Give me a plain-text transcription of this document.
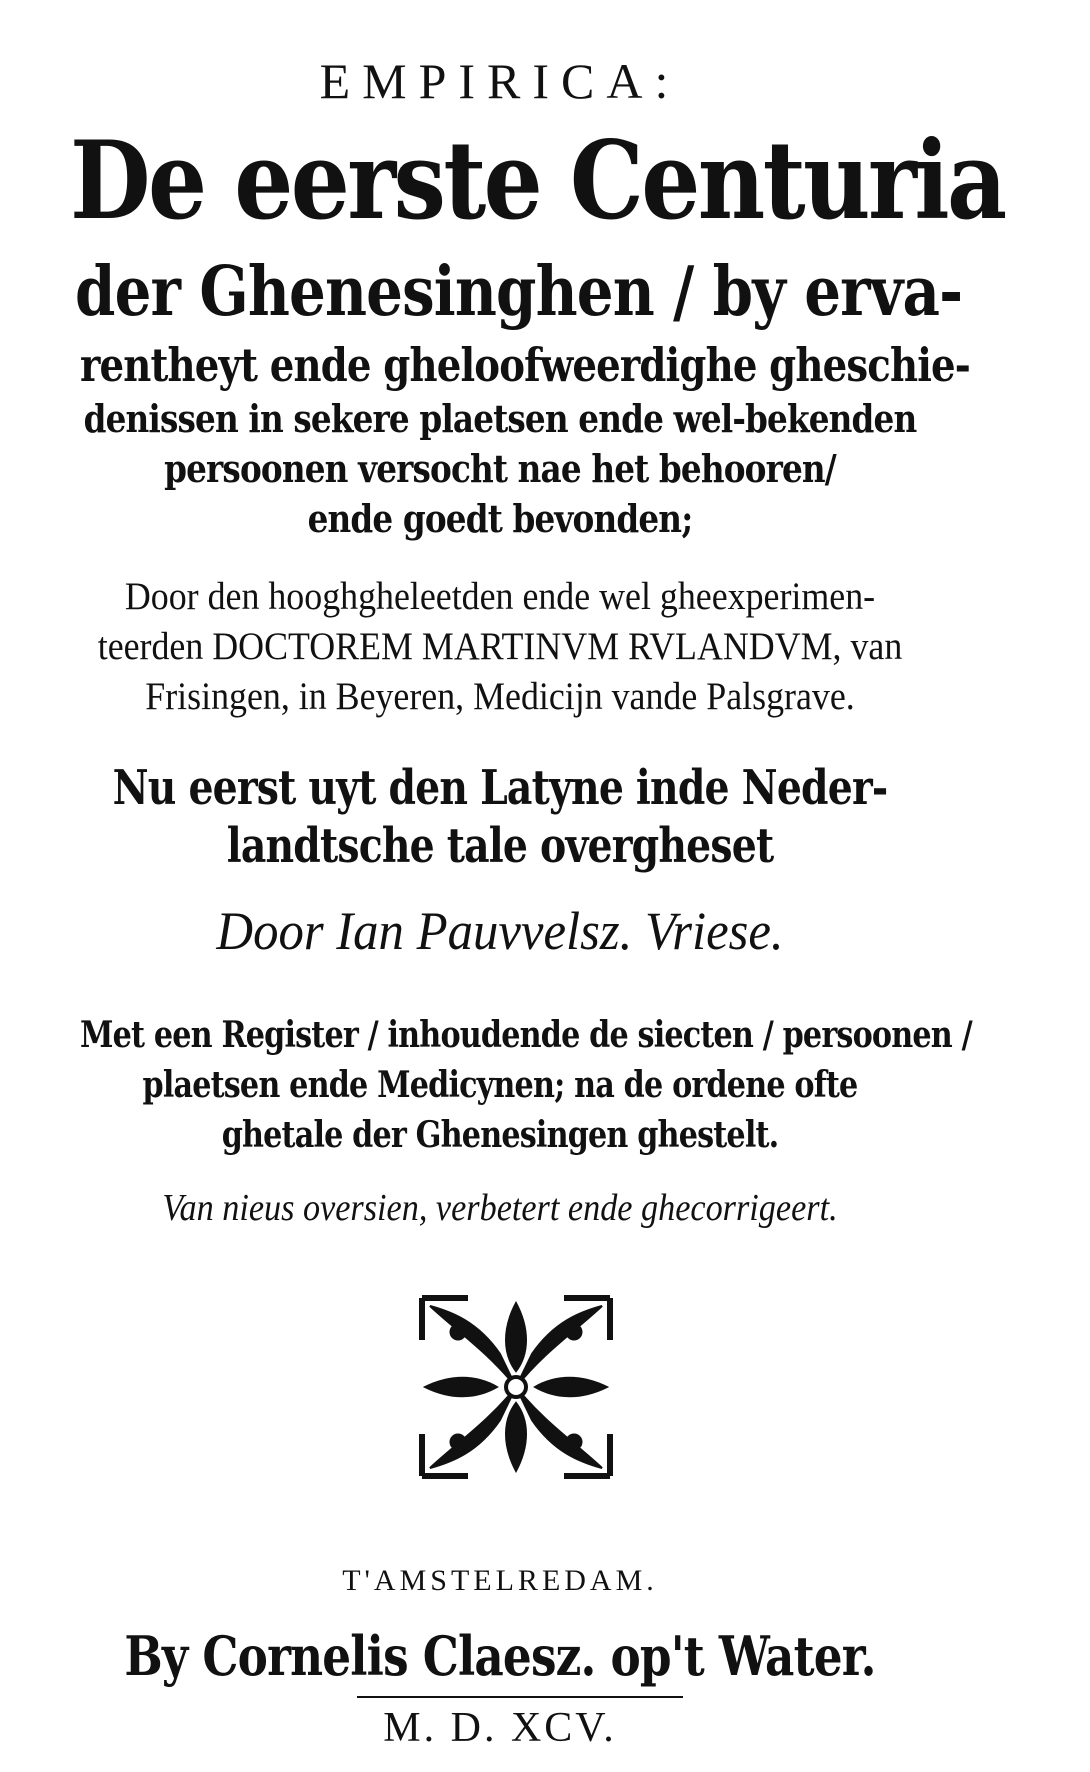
EMPIRICA:
De eerste Centuria
der Ghenesinghen / by erva-
rentheyt ende gheloofweerdighe gheschie-
denissen in sekere plaetsen ende wel-bekenden
persoonen versocht nae het behooren/
ende goedt bevonden;
Door den hooghgheleetden ende wel gheexperimen-
teerden DOCTOREM MARTINVM RVLANDVM, van
Frisingen, in Beyeren, Medicijn vande Palsgrave.
Nu eerst uyt den Latyne inde Neder-
landtsche tale overgheset
Door Ian Pauvvelsz. Vriese.
Met een Register / inhoudende de siecten / persoonen /
plaetsen ende Medicynen; na de ordene ofte
ghetale der Ghenesingen ghestelt.
Van nieus oversien, verbetert ende ghecorrigeert.
T'AMSTELREDAM.
By Cornelis Claesz. op't Water.
M. D. XCV.
